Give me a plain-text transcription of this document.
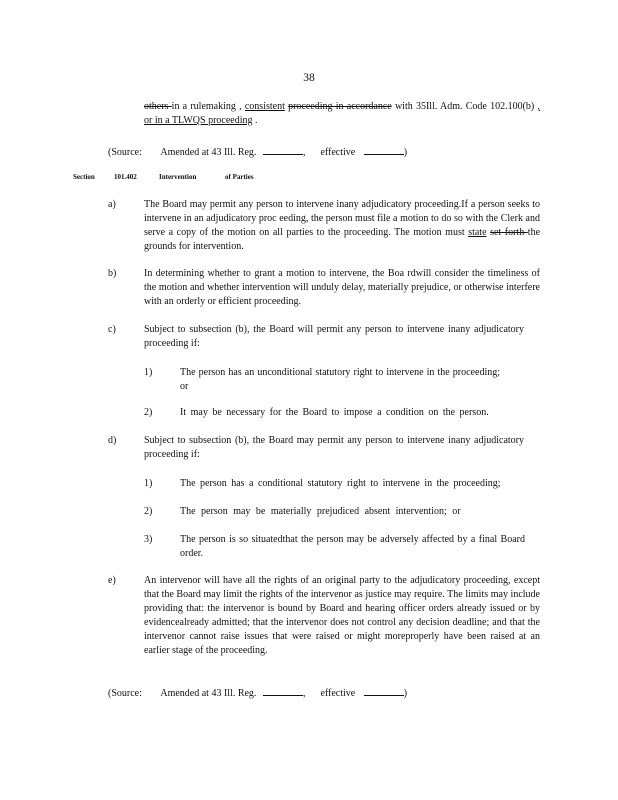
38
others in a rulemaking , consistent proceeding in accordance with 35Ill. Adm. Code 102.100(b) , or in a TLWQS proceeding .
(Source: Amended at 43 Ill. Reg.	, effective	)
Section	101.402	Intervention	of Parties
a)	The Board may permit any person to intervene inany adjudicatory proceeding.If a person seeks to intervene in an adjudicatory proc eeding, the person must file a motion to do so with the Clerk and serve a copy of the motion on all parties to the proceeding. The motion must state set forth the grounds for intervention.
b)	In determining whether to grant a motion to intervene, the Boa rdwill consider the timeliness of the motion and whether intervention will unduly delay, materially prejudice, or otherwise interfere with an orderly or efficient proceeding.
c)	Subject to subsection (b), the Board will permit any person to intervene inany adjudicatory proceeding if:
1)	The person has an unconditional statutory right to intervene in the proceeding; or
2)	It may be necessary for the Board to impose a condition on the person.
d)	Subject to subsection (b), the Board may permit any person to intervene inany adjudicatory proceeding if:
1)	The person has a conditional statutory right to intervene in the proceeding;
2)	The person may be materially prejudiced absent intervention; or
3)	The person is so situatedthat the person may be adversely affected by a final Board order.
e)	An intervenor will have all the rights of an original party to the adjudicatory proceeding, except that the Board may limit the rights of the intervenor as justice may require. The limits may include providing that: the intervenor is bound by Board and hearing officer orders already issued or by evidencealready admitted; that the intervenor does not control any decision deadline; and that the intervenor cannot raise issues that were raised or might moreproperly have been raised at an earlier stage of the proceeding.
(Source: Amended at 43 Ill. Reg.	, effective	)
